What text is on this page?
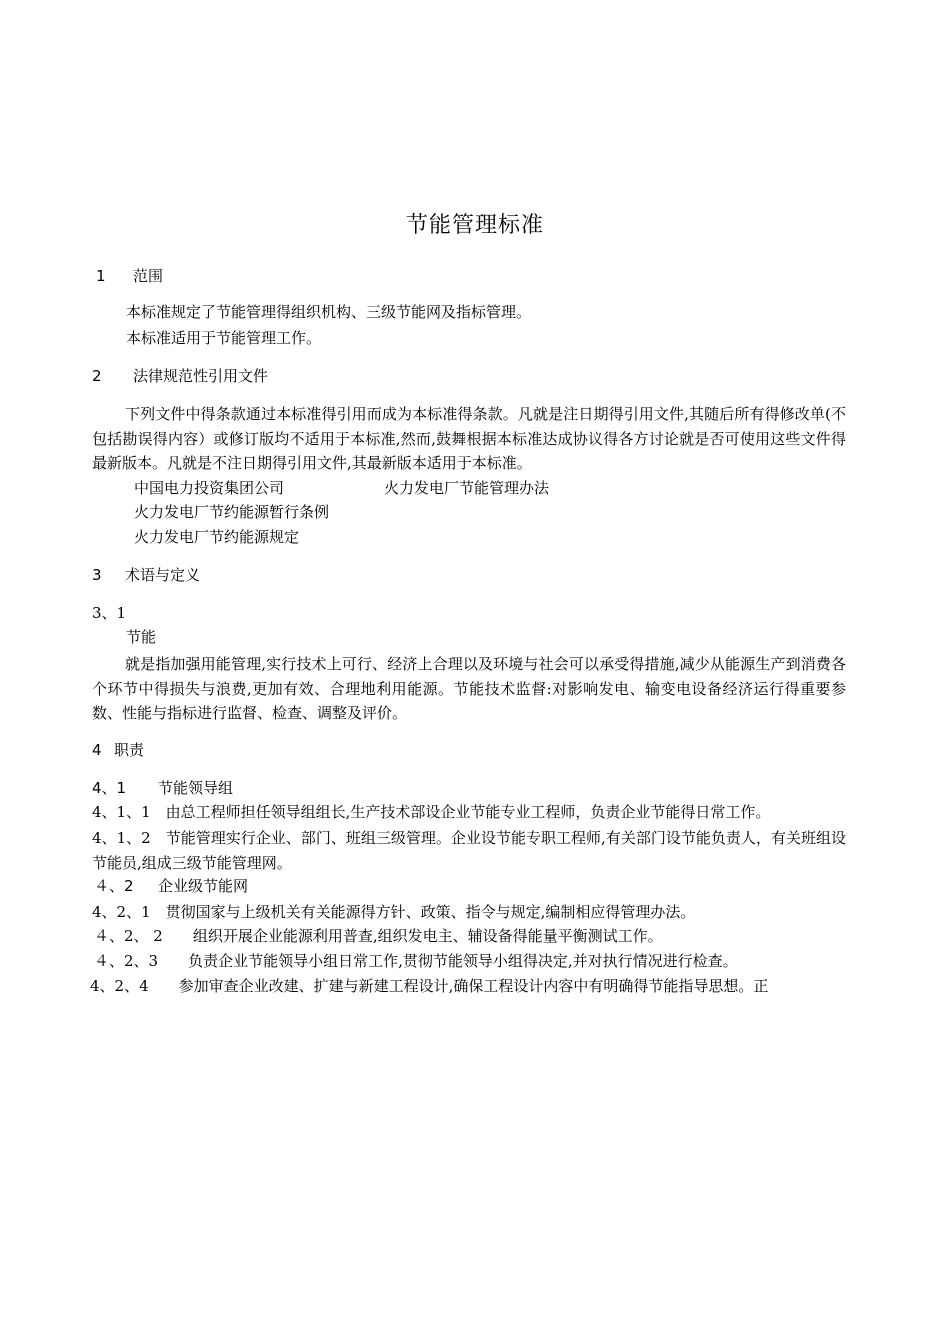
节能管理标准
1 范围
本标准规定了节能管理得组织机构、三级节能网及指标管理。
本标准适用于节能管理工作。
2 法律规范性引用文件
下列文件中得条款通过本标准得引用而成为本标准得条款。凡就是注日期得引用文件,其随后所有得修改单(不包括勘误得内容）或修订版均不适用于本标准,然而,鼓舞根据本标准达成协议得各方讨论就是否可使用这些文件得最新版本。凡就是不注日期得引用文件,其最新版本适用于本标准。
中国电力投资集团公司	火力发电厂节能管理办法
火力发电厂节约能源暂行条例
火力发电厂节约能源规定
3 术语与定义
3、1
节能
就是指加强用能管理,实行技术上可行、经济上合理以及环境与社会可以承受得措施,减少从能源生产到消费各个环节中得损失与浪费,更加有效、合理地利用能源。节能技术监督:对影响发电、输变电设备经济运行得重要参数、性能与指标进行监督、检查、调整及评价。
4 职责
4、1 节能领导组
4、1、1　由总工程师担任领导组组长,生产技术部设企业节能专业工程师，负责企业节能得日常工作。
4、1、2　节能管理实行企业、部门、班组三级管理。企业设节能专职工程师,有关部门设节能负责人，有关班组设节能员,组成三级节能管理网。
４、2 企业级节能网
4、2、1　贯彻国家与上级机关有关能源得方针、政策、指令与规定,编制相应得管理办法。
４、2、 2　　组织开展企业能源利用普查,组织发电主、辅设备得能量平衡测试工作。
４、2、3　　负责企业节能领导小组日常工作,贯彻节能领导小组得决定,并对执行情况进行检查。
4、2、4　　参加审查企业改建、扩建与新建工程设计,确保工程设计内容中有明确得节能指导思想。正
